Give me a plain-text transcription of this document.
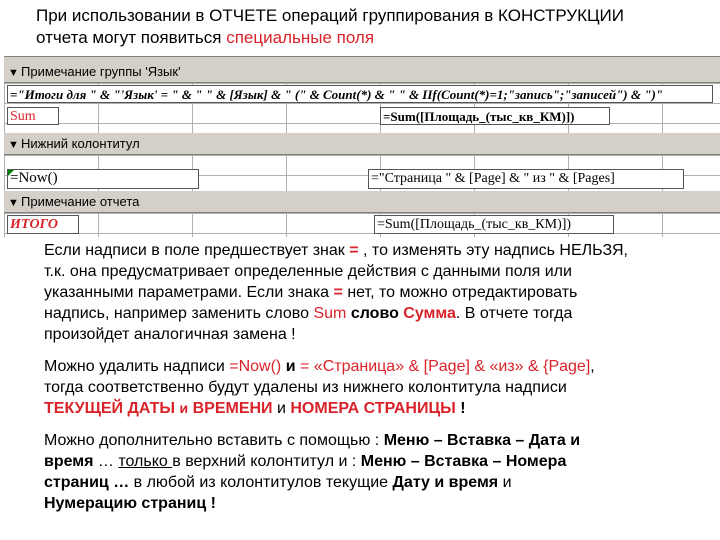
При использовании в ОТЧЕТЕ операций группирования в КОНСТРУКЦИИ
отчета могут появиться специальные поля
▼ Примечание группы 'Язык'
="Итоги для " & "'Язык' = " & " " & [Язык] & " (" & Count(*) & " " & IIf(Count(*)=1;"запись";"записей") & ")"
Sum	=Sum([Площадь_(тыс_кв_КМ)])
▼ Нижний колонтитул
=Now()	="Страница " & [Page] & " из " & [Pages]
▼ Примечание отчета
ИТОГО	=Sum([Площадь_(тыс_кв_КМ)])
Если надписи в поле предшествует знак = , то изменять эту надпись НЕЛЬЗЯ,
т.к. она предусматривает определенные действия с данными поля или
указанными параметрами. Если знака = нет, то можно отредактировать
надпись, например заменить слово Sum слово Сумма. В отчете тогда
произойдет аналогичная замена !
Можно удалить надписи =Now() и = «Страница» & [Page] & «из» & {Page],
тогда соответственно будут удалены из нижнего колонтитула надписи
ТЕКУЩЕЙ ДАТЫ и ВРЕМЕНИ и НОМЕРА СТРАНИЦЫ !
Можно дополнительно вставить с помощью : Меню – Вставка – Дата и
время … только в верхний колонтитул и : Меню – Вставка – Номера
страниц … в любой из колонтитулов текущие Дату и время и
Нумерацию страниц !
